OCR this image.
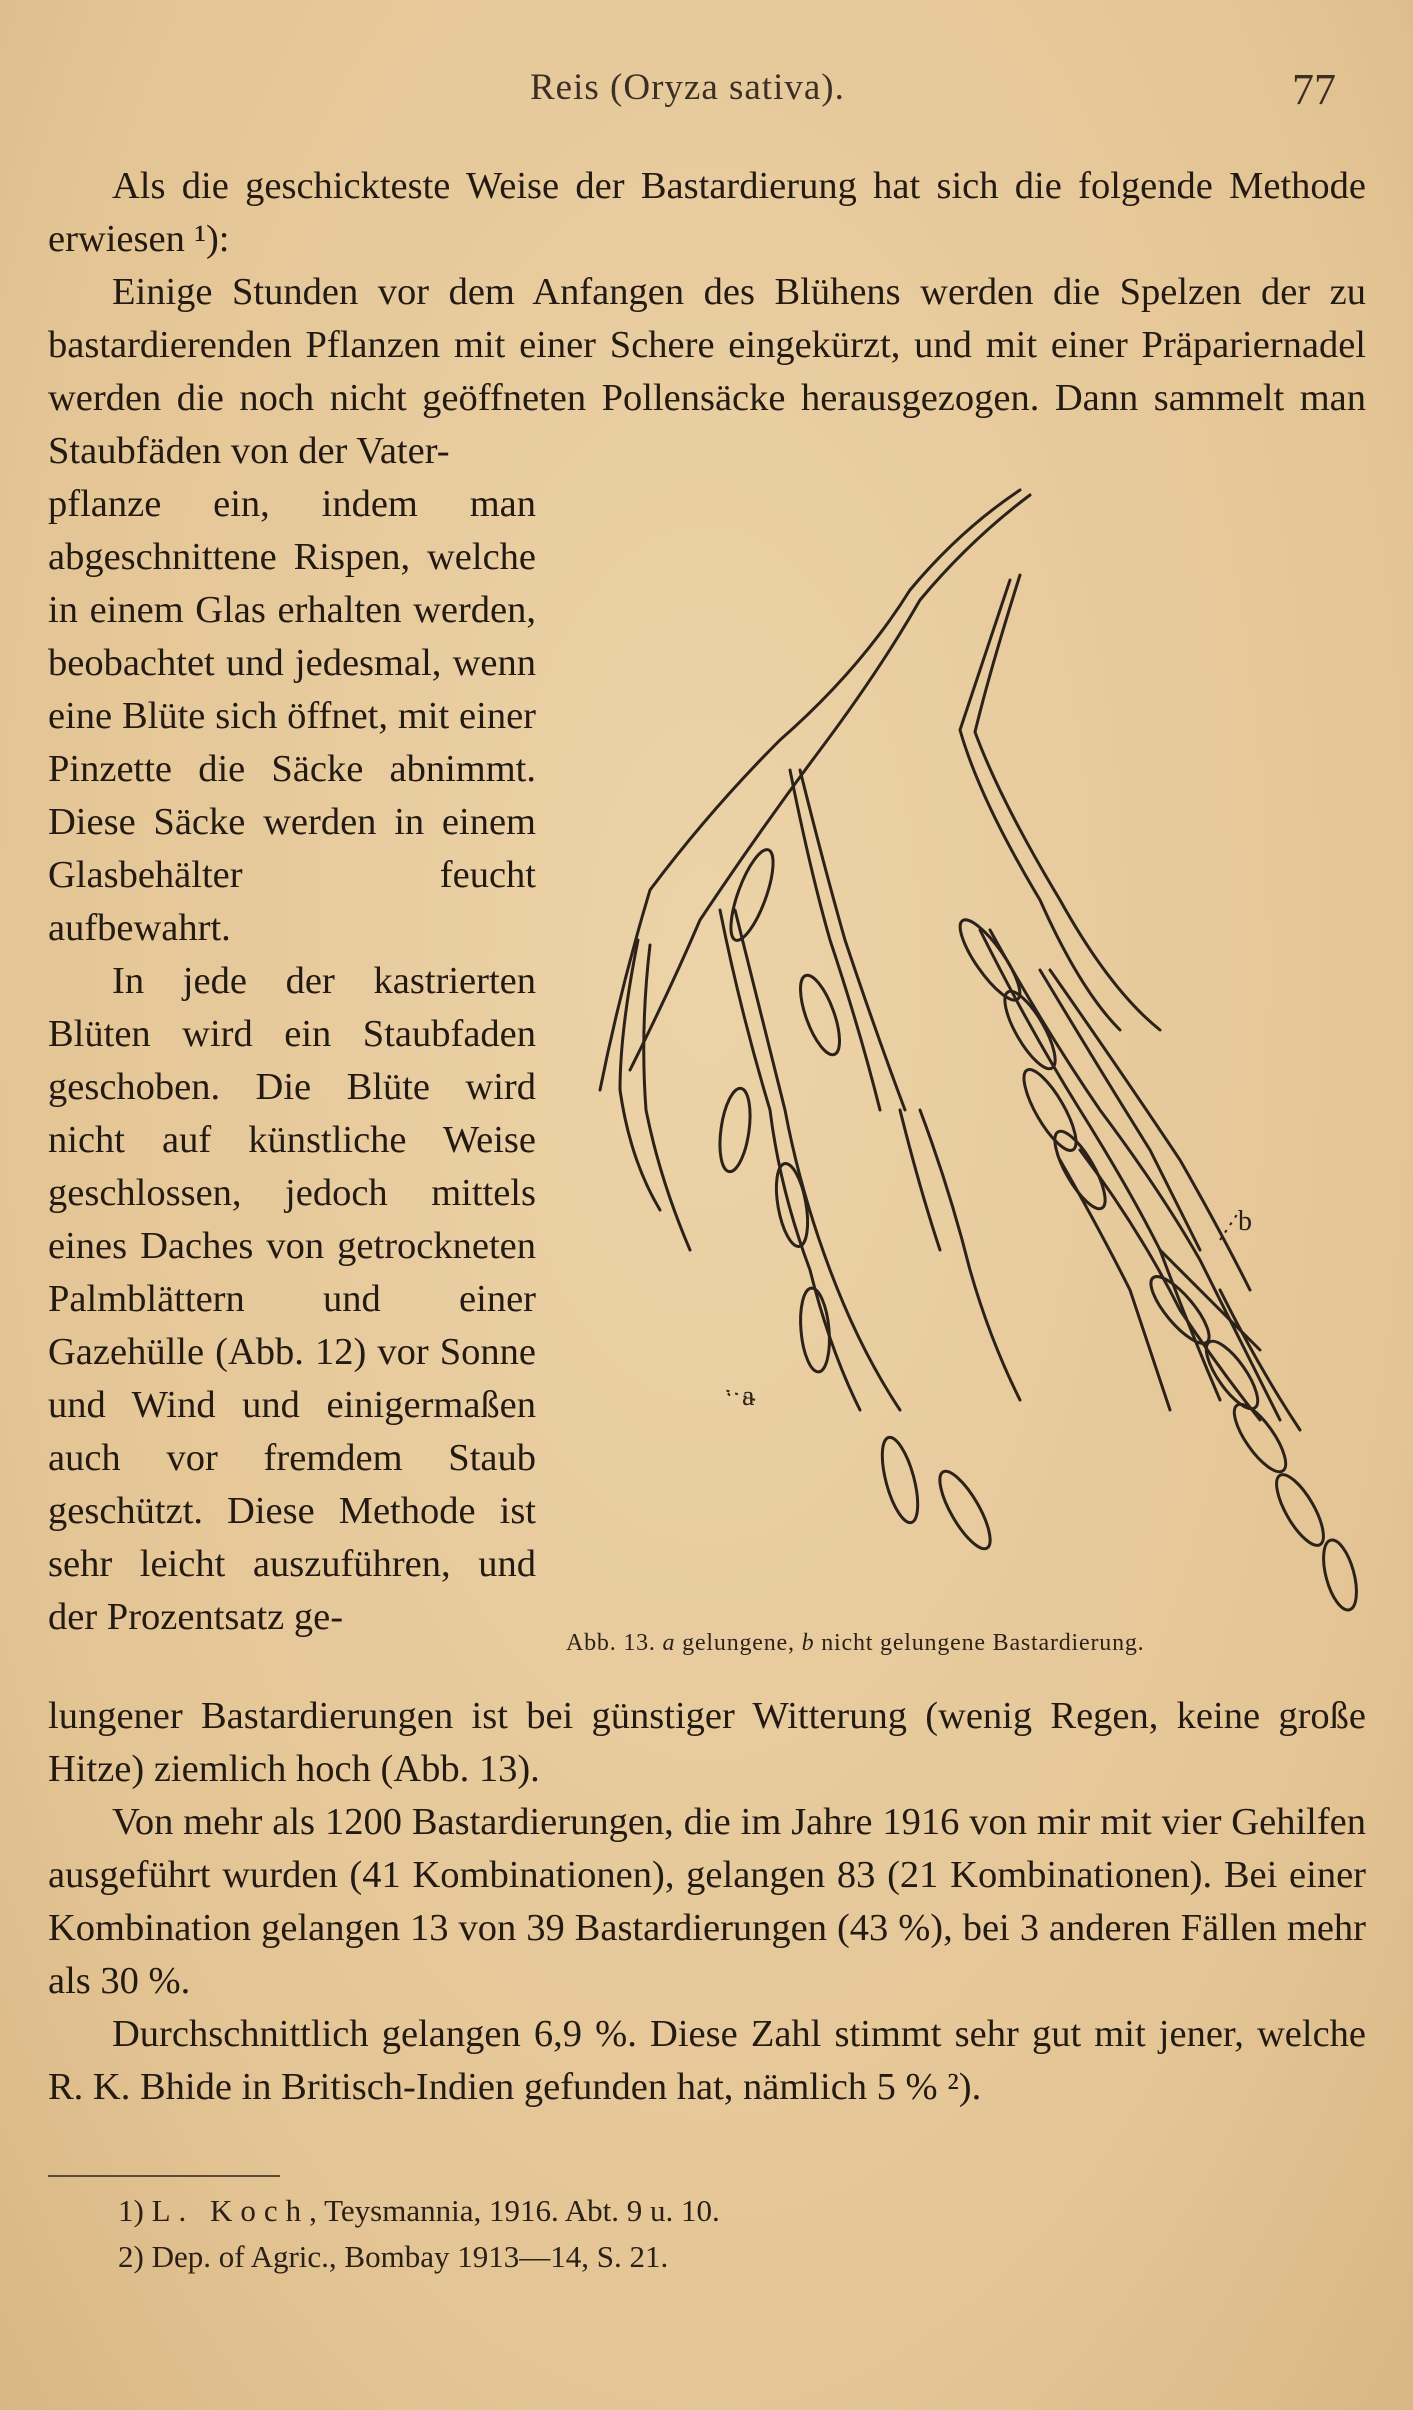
Reis (Oryza sativa).	77

Als die geschickteste Weise der Bastardierung hat sich die folgende Methode erwiesen ¹):

Einige Stunden vor dem Anfangen des Blühens werden die Spelzen der zu bastardierenden Pflanzen mit einer Schere eingekürzt, und mit einer Präpariernadel werden die noch nicht geöffneten Pollensäcke herausgezogen. Dann sammelt man Staubfäden von der Vater-

pflanze ein, indem man abgeschnittene Rispen, welche in einem Glas erhalten werden, beobachtet und jedesmal, wenn eine Blüte sich öffnet, mit einer Pinzette die Säcke abnimmt. Diese Säcke werden in einem Glasbehälter feucht aufbewahrt.

In jede der kastrierten Blüten wird ein Staubfaden geschoben. Die Blüte wird nicht auf künstliche Weise geschlossen, jedoch mittels eines Daches von getrockneten Palmblättern und einer Gazehülle (Abb. 12) vor Sonne und Wind und einigermaßen auch vor fremdem Staub geschützt. Diese Methode ist sehr leicht auszuführen, und der Prozentsatz ge-

a
b
Abb. 13. a gelungene, b nicht gelungene Bastardierung.

lungener Bastardierungen ist bei günstiger Witterung (wenig Regen, keine große Hitze) ziemlich hoch (Abb. 13).

Von mehr als 1200 Bastardierungen, die im Jahre 1916 von mir mit vier Gehilfen ausgeführt wurden (41 Kombinationen), gelangen 83 (21 Kombinationen). Bei einer Kombination gelangen 13 von 39 Bastardierungen (43 %), bei 3 anderen Fällen mehr als 30 %.

Durchschnittlich gelangen 6,9 %. Diese Zahl stimmt sehr gut mit jener, welche R. K. Bhide in Britisch-Indien gefunden hat, nämlich 5 % ²).

1) L. Koch, Teysmannia, 1916. Abt. 9 u. 10.
2) Dep. of Agric., Bombay 1913—14, S. 21.
